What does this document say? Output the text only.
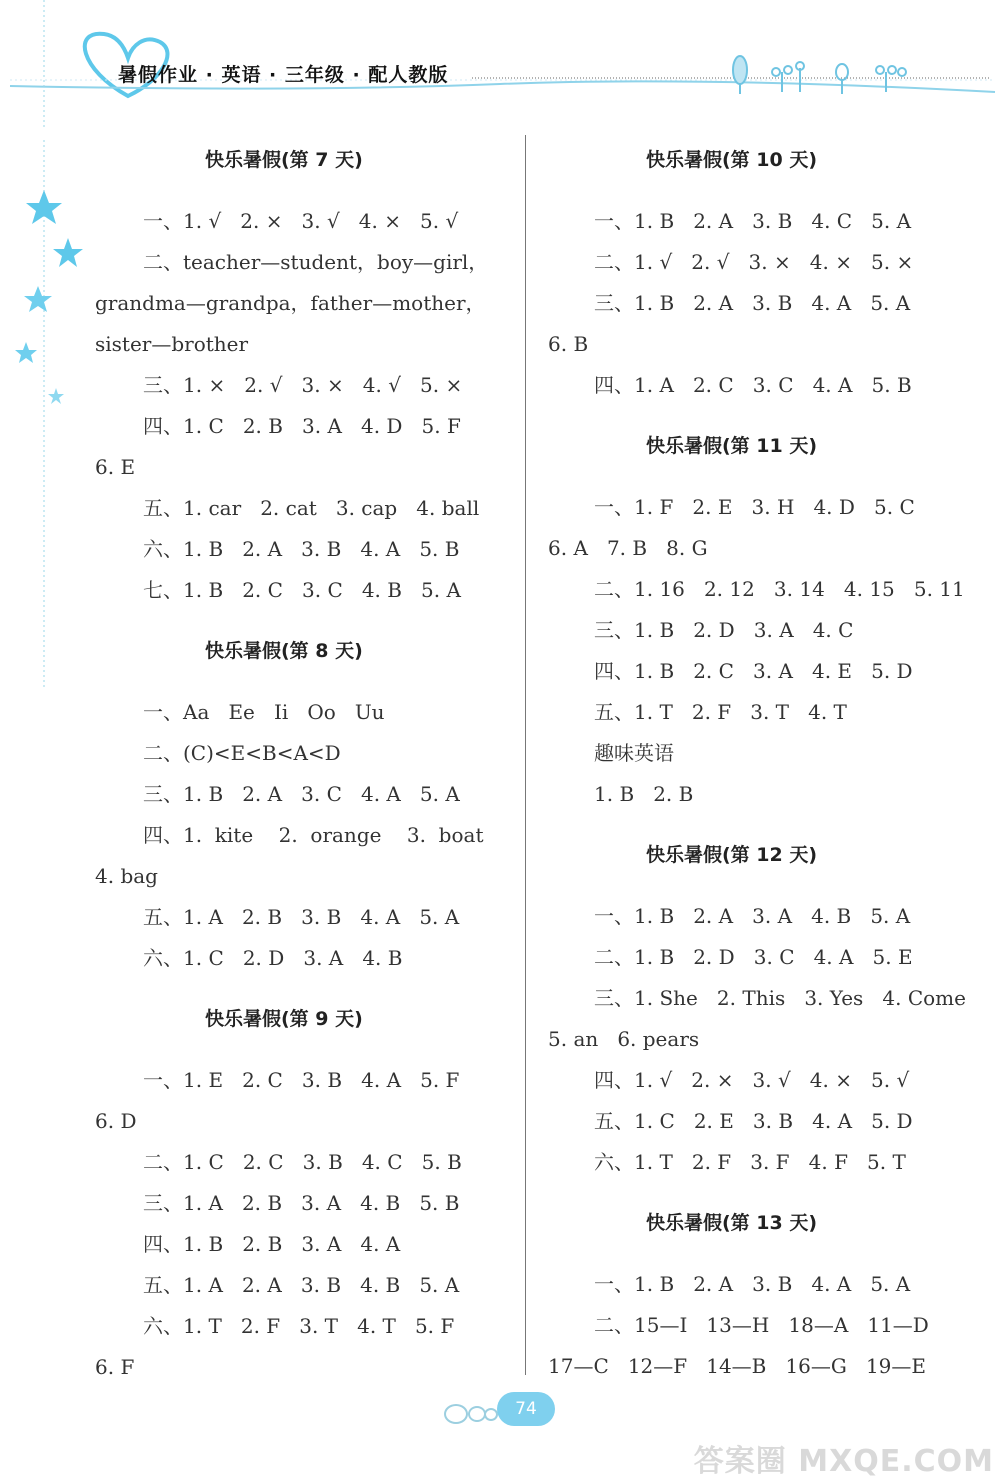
暑假作业 · 英语 · 三年级 · 配人教版
快乐暑假(第 7 天)
一、1. √   2. ×   3. √   4. ×   5. √
二、teacher—student，boy—girl，
grandma—grandpa，father—mother，
sister—brother
三、1. ×   2. √   3. ×   4. √   5. ×
四、1. C   2. B   3. A   4. D   5. F
6. E
五、1. car   2. cat   3. cap   4. ball
六、1. B   2. A   3. B   4. A   5. B
七、1. B   2. C   3. C   4. B   5. A
快乐暑假(第 8 天)
一、Aa   Ee   Ii   Oo   Uu
二、(C)<E<B<A<D
三、1. B   2. A   3. C   4. A   5. A
四、1.  kite    2.  orange    3.  boat
4. bag
五、1. A   2. B   3. B   4. A   5. A
六、1. C   2. D   3. A   4. B
快乐暑假(第 9 天)
一、1. E   2. C   3. B   4. A   5. F
6. D
二、1. C   2. C   3. B   4. C   5. B
三、1. A   2. B   3. A   4. B   5. B
四、1. B   2. B   3. A   4. A
五、1. A   2. A   3. B   4. B   5. A
六、1. T   2. F   3. T   4. T   5. F
6. F
快乐暑假(第 10 天)
一、1. B   2. A   3. B   4. C   5. A
二、1. √   2. √   3. ×   4. ×   5. ×
三、1. B   2. A   3. B   4. A   5. A
6. B
四、1. A   2. C   3. C   4. A   5. B
快乐暑假(第 11 天)
一、1. F   2. E   3. H   4. D   5. C
6. A   7. B   8. G
二、1. 16   2. 12   3. 14   4. 15   5. 11
三、1. B   2. D   3. A   4. C
四、1. B   2. C   3. A   4. E   5. D
五、1. T   2. F   3. T   4. T
趣味英语
1. B   2. B
快乐暑假(第 12 天)
一、1. B   2. A   3. A   4. B   5. A
二、1. B   2. D   3. C   4. A   5. E
三、1. She   2. This   3. Yes   4. Come
5. an   6. pears
四、1. √   2. ×   3. √   4. ×   5. √
五、1. C   2. E   3. B   4. A   5. D
六、1. T   2. F   3. F   4. F   5. T
快乐暑假(第 13 天)
一、1. B   2. A   3. B   4. A   5. A
二、15—I   13—H   18—A   11—D
17—C   12—F   14—B   16—G   19—E
74
答案圈 MXQE.COM
